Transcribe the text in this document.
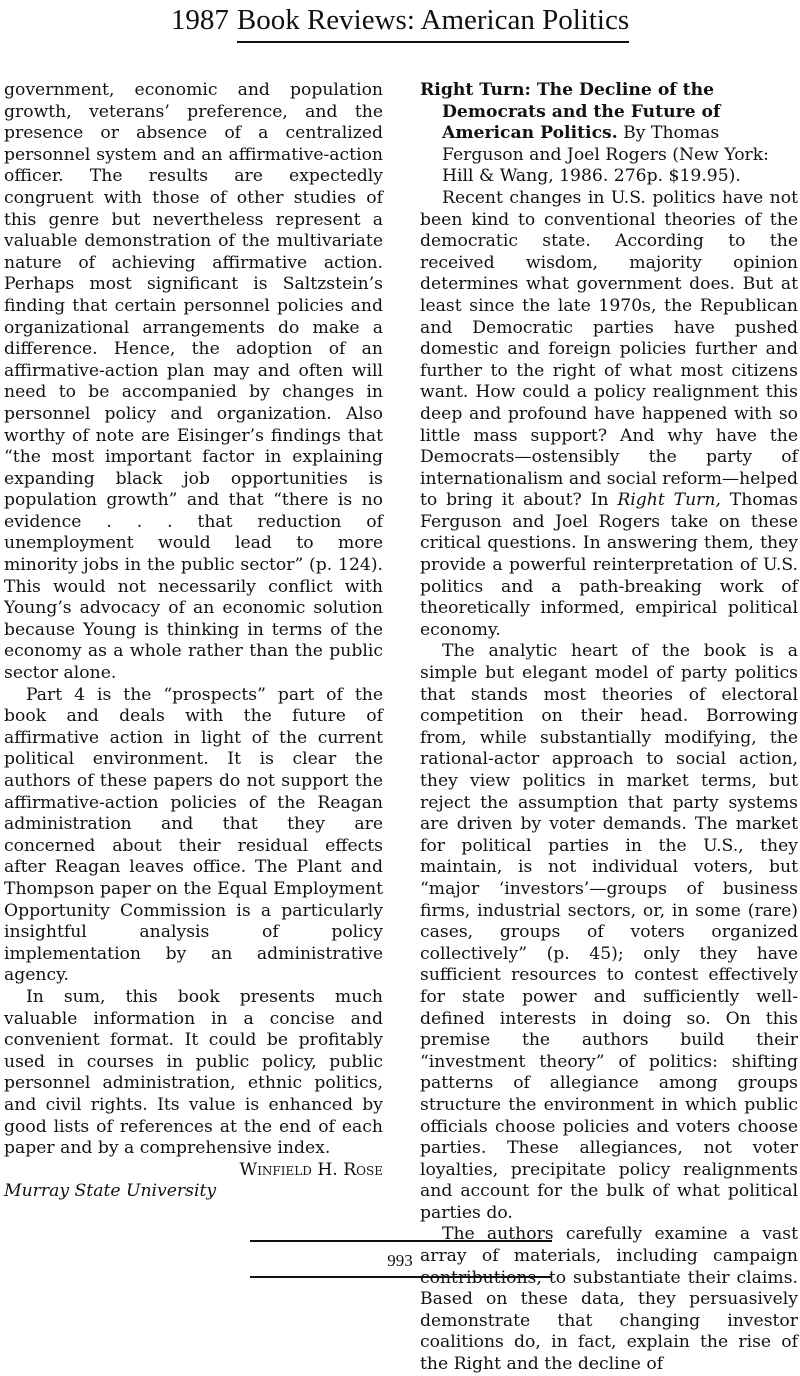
1987 Book Reviews: American Politics

government, economic and population growth, veterans’ preference, and the presence or absence of a centralized personnel system and an affirmative-action officer. The results are expectedly congruent with those of other studies of this genre but nevertheless represent a valuable demonstration of the multivariate nature of achieving affirmative action. Perhaps most significant is Saltzstein’s finding that certain personnel policies and organizational arrangements do make a difference. Hence, the adoption of an affirmative-action plan may and often will need to be accompanied by changes in personnel policy and organization. Also worthy of note are Eisinger’s findings that “the most important factor in explaining expanding black job opportunities is population growth” and that “there is no evidence . . . that reduction of unemployment would lead to more minority jobs in the public sector” (p. 124). This would not necessarily conflict with Young’s advocacy of an economic solution because Young is thinking in terms of the economy as a whole rather than the public sector alone.

Part 4 is the “prospects” part of the book and deals with the future of affirmative action in light of the current political environment. It is clear the authors of these papers do not support the affirmative-action policies of the Reagan administration and that they are concerned about their residual effects after Reagan leaves office. The Plant and Thompson paper on the Equal Employment Opportunity Commission is a particularly insightful analysis of policy implementation by an administrative agency.

In sum, this book presents much valuable information in a concise and convenient format. It could be profitably used in courses in public policy, public personnel administration, ethnic politics, and civil rights. Its value is enhanced by good lists of references at the end of each paper and by a comprehensive index.

Winfield H. Rose

Murray State University

Right Turn: The Decline of the Democrats and the Future of American Politics. By Thomas Ferguson and Joel Rogers (New York: Hill & Wang, 1986. 276p. $19.95).

Recent changes in U.S. politics have not been kind to conventional theories of the democratic state. According to the received wisdom, majority opinion determines what government does. But at least since the late 1970s, the Republican and Democratic parties have pushed domestic and foreign policies further and further to the right of what most citizens want. How could a policy realignment this deep and profound have happened with so little mass support? And why have the Democrats—ostensibly the party of internationalism and social reform—helped to bring it about? In Right Turn, Thomas Ferguson and Joel Rogers take on these critical questions. In answering them, they provide a powerful reinterpretation of U.S. politics and a path-breaking work of theoretically informed, empirical political economy.

The analytic heart of the book is a simple but elegant model of party politics that stands most theories of electoral competition on their head. Borrowing from, while substantially modifying, the rational-actor approach to social action, they view politics in market terms, but reject the assumption that party systems are driven by voter demands. The market for political parties in the U.S., they maintain, is not individual voters, but “major ‘investors’—groups of business firms, industrial sectors, or, in some (rare) cases, groups of voters organized collectively” (p. 45); only they have sufficient resources to contest effectively for state power and sufficiently well-defined interests in doing so. On this premise the authors build their “investment theory” of politics: shifting patterns of allegiance among groups structure the environment in which public officials choose policies and voters choose parties. These allegiances, not voter loyalties, precipitate policy realignments and account for the bulk of what political parties do.

The authors carefully examine a vast array of materials, including campaign contributions, to substantiate their claims. Based on these data, they persuasively demonstrate that changing investor coalitions do, in fact, explain the rise of the Right and the decline of

993
